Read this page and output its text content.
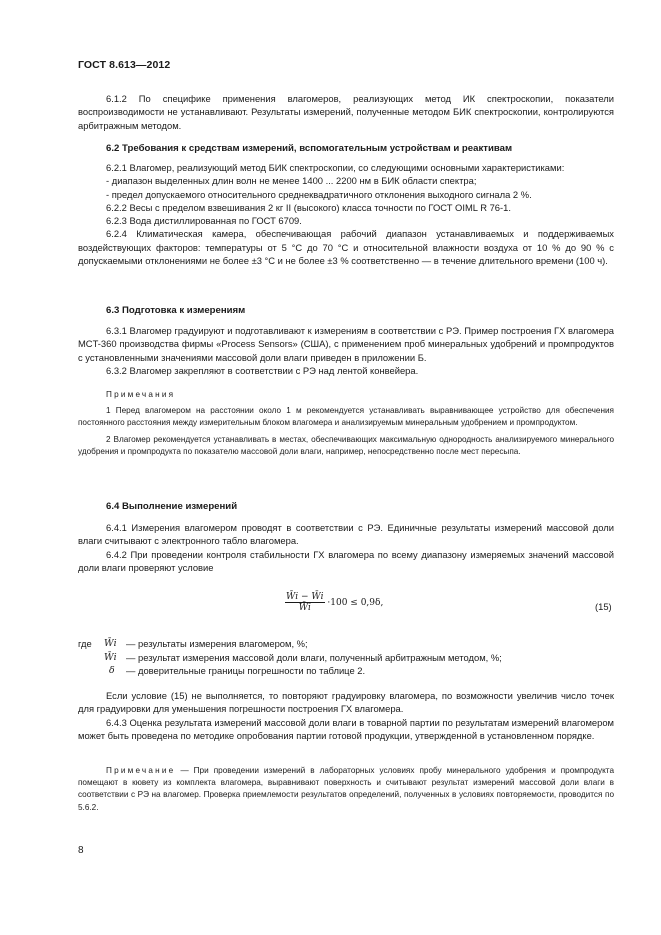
ГОСТ 8.613—2012

6.1.2 По специфике применения влагомеров, реализующих метод ИК спектроскопии, показатели воспроизводимости не устанавливают. Результаты измерений, полученные методом БИК спектроскопии, контролируются арбитражным методом.

6.2 Требования к средствам измерений, вспомогательным устройствам и реактивам

6.2.1 Влагомер, реализующий метод БИК спектроскопии, со следующими основными характеристиками:

- диапазон выделенных длин волн не менее 1400 ... 2200 нм в БИК области спектра;

- предел допускаемого относительного среднеквадратичного отклонения выходного сигнала 2 %.

6.2.2 Весы с пределом взвешивания 2 кг II (высокого) класса точности по ГОСТ OIML R 76-1.

6.2.3 Вода дистиллированная по ГОСТ 6709.

6.2.4 Климатическая камера, обеспечивающая рабочий диапазон устанавливаемых и поддерживаемых воздействующих факторов: температуры от 5 °С до 70 °С и относительной влажности воздуха от 10 % до 90 % с допускаемыми отклонениями не более ±3 °С и не более ±3 % соответственно — в течение длительного времени (100 ч).

6.3 Подготовка к измерениям

6.3.1 Влагомер градуируют и подготавливают к измерениям в соответствии с РЭ. Пример построения ГХ влагомера MCT-360 производства фирмы «Process Sensors» (США), с применением проб минеральных удобрений и промпродуктов с установленными значениями массовой доли влаги приведен в приложении Б.

6.3.2 Влагомер закрепляют в соответствии с РЭ над лентой конвейера.

Примечания

1 Перед влагомером на расстоянии около 1 м рекомендуется устанавливать выравнивающее устройство для обеспечения постоянного расстояния между измерительным блоком влагомера и анализируемым минеральным удобрением и промпродуктом.

2 Влагомер рекомендуется устанавливать в местах, обеспечивающих максимальную однородность анализируемого минерального удобрения и промпродукта по показателю массовой доли влаги, например, непосредственно после мест пересыпа.

6.4 Выполнение измерений

6.4.1 Измерения влагомером проводят в соответствии с РЭ. Единичные результаты измерений массовой доли влаги считывают с электронного табло влагомера.

6.4.2 При проведении контроля стабильности ГХ влагомера по всему диапазону измеряемых значений массовой доли влаги проверяют условие

$\frac{W̄i - W̄i}{W̄i} \cdot 100 \le 0,9\delta$,	(15)
где W̄i — результаты измерения влагомером, %;
W̄i — результат измерения массовой доли влаги, полученный арбитражным методом, %;
δ — доверительные границы погрешности по таблице 2.

Если условие (15) не выполняется, то повторяют градуировку влагомера, по возможности увеличив число точек для градуировки для уменьшения погрешности построения ГХ влагомера.

6.4.3 Оценка результата измерений массовой доли влаги в товарной партии по результатам измерений влагомером может быть проведена по методике опробования партии готовой продукции, утвержденной в установленном порядке.

Примечание — При проведении измерений в лабораторных условиях пробу минерального удобрения и промпродукта помещают в кювету из комплекта влагомера, выравнивают поверхность и считывают результат измерений массовой доли влаги в соответствии с РЭ на влагомер. Проверка приемлемости результатов определений, полученных в условиях повторяемости, проводится по 5.6.2.

8
